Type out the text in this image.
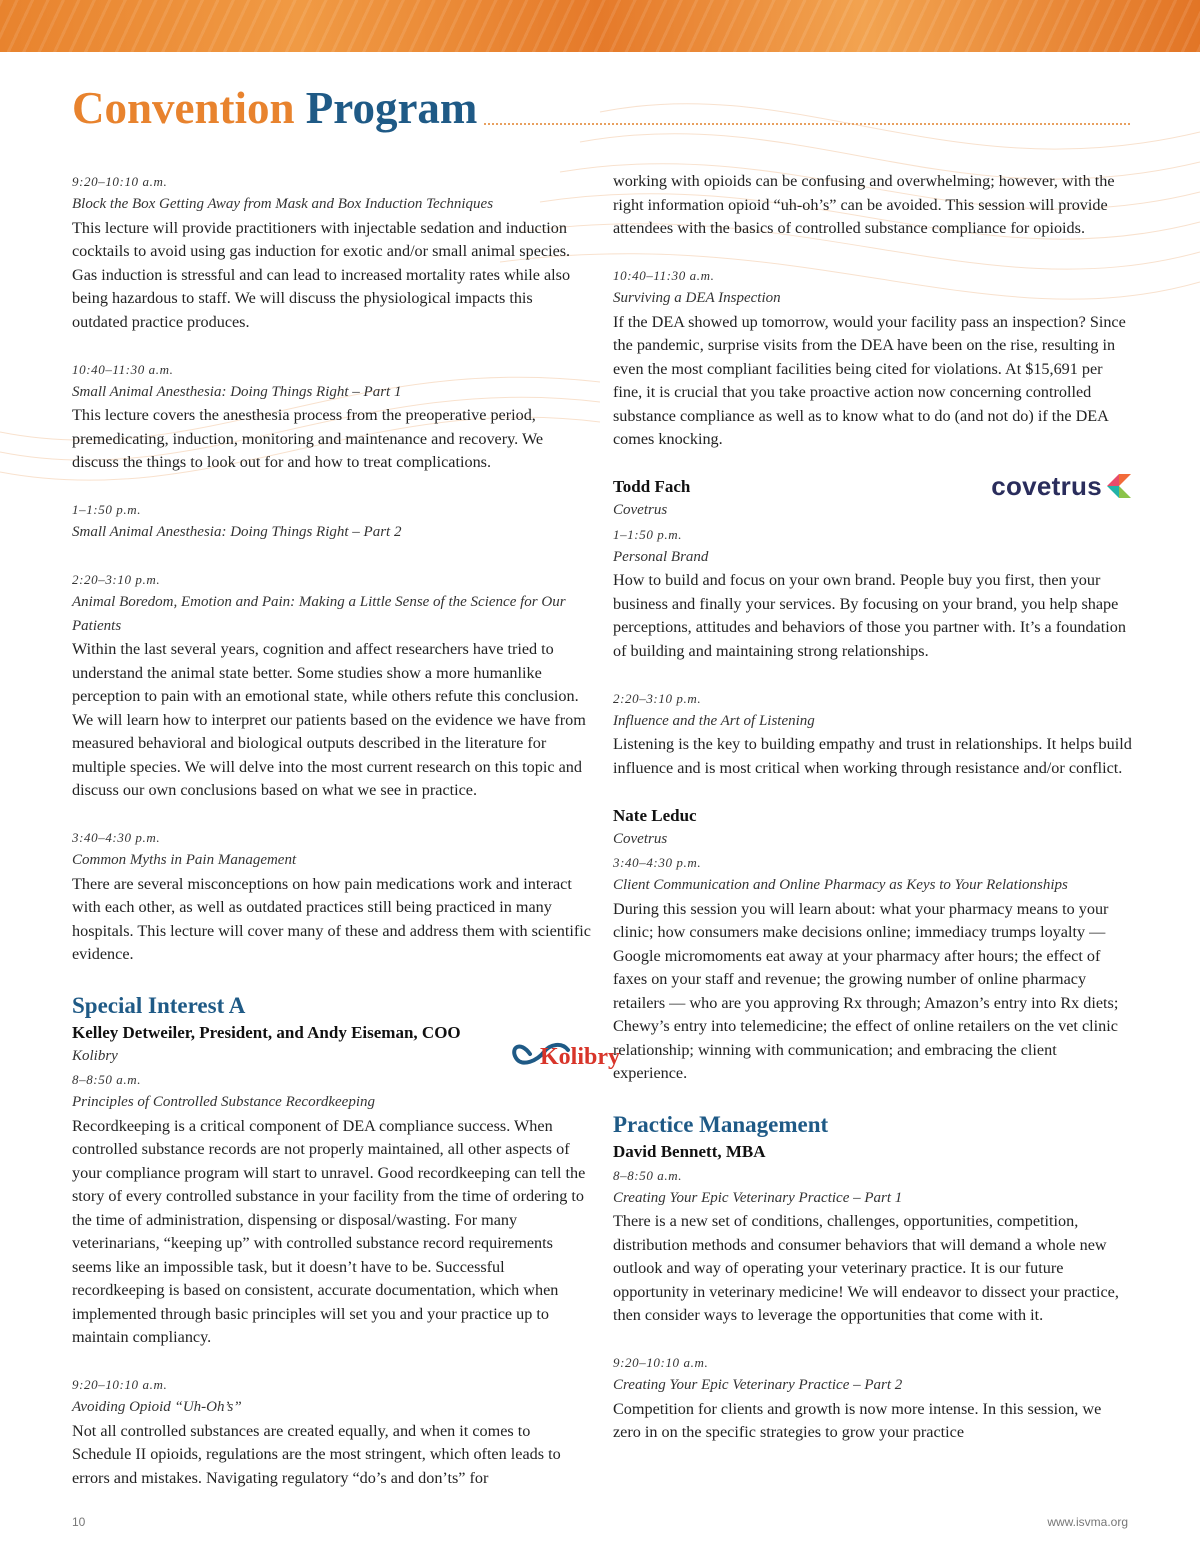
Convention Program
9:20–10:10 a.m.
Block the Box Getting Away from Mask and Box Induction Techniques

This lecture will provide practitioners with injectable sedation and induction cocktails to avoid using gas induction for exotic and/or small animal species. Gas induction is stressful and can lead to increased mortality rates while also being hazardous to staff. We will discuss the physiological impacts this outdated practice produces.

10:40–11:30 a.m.
Small Animal Anesthesia: Doing Things Right – Part 1

This lecture covers the anesthesia process from the preoperative period, premedicating, induction, monitoring and maintenance and recovery. We discuss the things to look out for and how to treat complications.

1–1:50 p.m.
Small Animal Anesthesia: Doing Things Right – Part 2
2:20–3:10 p.m.
Animal Boredom, Emotion and Pain: Making a Little Sense of the Science for Our Patients

Within the last several years, cognition and affect researchers have tried to understand the animal state better. Some studies show a more humanlike perception to pain with an emotional state, while others refute this conclusion. We will learn how to interpret our patients based on the evidence we have from measured behavioral and biological outputs described in the literature for multiple species. We will delve into the most current research on this topic and discuss our own conclusions based on what we see in practice.

3:40–4:30 p.m.
Common Myths in Pain Management

There are several misconceptions on how pain medications work and interact with each other, as well as outdated practices still being practiced in many hospitals. This lecture will cover many of these and address them with scientific evidence.

Special Interest A
Kelley Detweiler, President, and Andy Eiseman, COO
Kolibry
8–8:50 a.m.
Principles of Controlled Substance Recordkeeping

Recordkeeping is a critical component of DEA compliance success. When controlled substance records are not properly maintained, all other aspects of your compliance program will start to unravel. Good recordkeeping can tell the story of every controlled substance in your facility from the time of ordering to the time of administration, dispensing or disposal/wasting. For many veterinarians, “keeping up” with controlled substance record requirements seems like an impossible task, but it doesn’t have to be. Successful recordkeeping is based on consistent, accurate documentation, which when implemented through basic principles will set you and your practice up to maintain compliancy.

9:20–10:10 a.m.
Avoiding Opioid “Uh-Oh’s”

Not all controlled substances are created equally, and when it comes to Schedule II opioids, regulations are the most stringent, which often leads to errors and mistakes. Navigating regulatory “do’s and don’ts” for

Kolibry

working with opioids can be confusing and overwhelming; however, with the right information opioid “uh-oh’s” can be avoided. This session will provide attendees with the basics of controlled substance compliance for opioids.

10:40–11:30 a.m.
Surviving a DEA Inspection

If the DEA showed up tomorrow, would your facility pass an inspection? Since the pandemic, surprise visits from the DEA have been on the rise, resulting in even the most compliant facilities being cited for violations. At $15,691 per fine, it is crucial that you take proactive action now concerning controlled substance compliance as well as to know what to do (and not do) if the DEA comes knocking.

Todd Fach
Covetrus
1–1:50 p.m.
Personal Brand

How to build and focus on your own brand. People buy you first, then your business and finally your services. By focusing on your brand, you help shape perceptions, attitudes and behaviors of those you partner with. It’s a foundation of building and maintaining strong relationships.

2:20–3:10 p.m.
Influence and the Art of Listening

Listening is the key to building empathy and trust in relationships. It helps build influence and is most critical when working through resistance and/or conflict.

Nate Leduc
Covetrus
3:40–4:30 p.m.
Client Communication and Online Pharmacy as Keys to Your Relationships

During this session you will learn about: what your pharmacy means to your clinic; how consumers make decisions online; immediacy trumps loyalty — Google micromoments eat away at your pharmacy after hours; the effect of faxes on your staff and revenue; the growing number of online pharmacy retailers — who are you approving Rx through; Amazon’s entry into Rx diets; Chewy’s entry into telemedicine; the effect of online retailers on the vet clinic relationship; winning with communication; and embracing the client experience.

Practice Management
David Bennett, MBA
8–8:50 a.m.
Creating Your Epic Veterinary Practice – Part 1

There is a new set of conditions, challenges, opportunities, competition, distribution methods and consumer behaviors that will demand a whole new outlook and way of operating your veterinary practice. It is our future opportunity in veterinary medicine! We will endeavor to dissect your practice, then consider ways to leverage the opportunities that come with it.

9:20–10:10 a.m.
Creating Your Epic Veterinary Practice – Part 2

Competition for clients and growth is now more intense. In this session, we zero in on the specific strategies to grow your practice

covetrus
10	www.isvma.org
